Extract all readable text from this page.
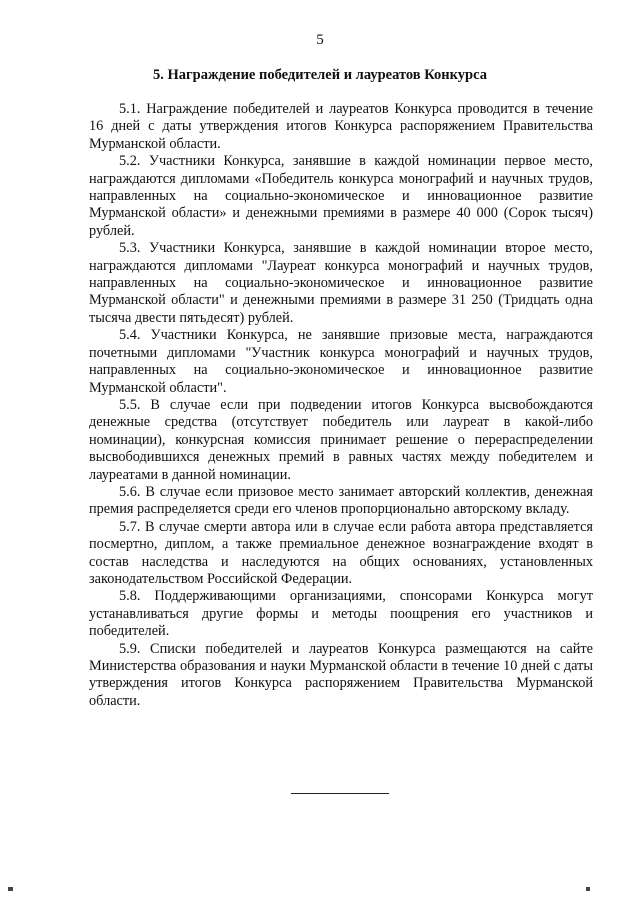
5
5. Награждение победителей и лауреатов Конкурса

5.1. Награждение победителей и лауреатов Конкурса проводится в течение 16 дней с даты утверждения итогов Конкурса распоряжением Правительства Мурманской области.

5.2. Участники Конкурса, занявшие в каждой номинации первое место, награждаются дипломами «Победитель конкурса монографий и научных трудов, направленных на социально-экономическое и инновационное развитие Мурманской области» и денежными премиями в размере 40 000 (Сорок тысяч) рублей.

5.3. Участники Конкурса, занявшие в каждой номинации второе место, награждаются дипломами "Лауреат конкурса монографий и научных трудов, направленных на социально-экономическое и инновационное развитие Мурманской области" и денежными премиями в размере 31 250 (Тридцать одна тысяча двести пятьдесят) рублей.

5.4. Участники Конкурса, не занявшие призовые места, награждаются почетными дипломами "Участник конкурса монографий и научных трудов, направленных на социально-экономическое и инновационное развитие Мурманской области".

5.5. В случае если при подведении итогов Конкурса высвобождаются денежные средства (отсутствует победитель или лауреат в какой-либо номинации), конкурсная комиссия принимает решение о перераспределении высвободившихся денежных премий в равных частях между победителем и лауреатами в данной номинации.

5.6. В случае если призовое место занимает авторский коллектив, денежная премия распределяется среди его членов пропорционально авторскому вкладу.

5.7. В случае смерти автора или в случае если работа автора представляется посмертно, диплом, а также премиальное денежное вознаграждение входят в состав наследства и наследуются на общих основаниях, установленных законодательством Российской Федерации.

5.8. Поддерживающими организациями, спонсорами Конкурса могут устанавливаться другие формы и методы поощрения его участников и победителей.

5.9. Списки победителей и лауреатов Конкурса размещаются на сайте Министерства образования и науки Мурманской области в течение 10 дней с даты утверждения итогов Конкурса распоряжением Правительства Мурманской области.
